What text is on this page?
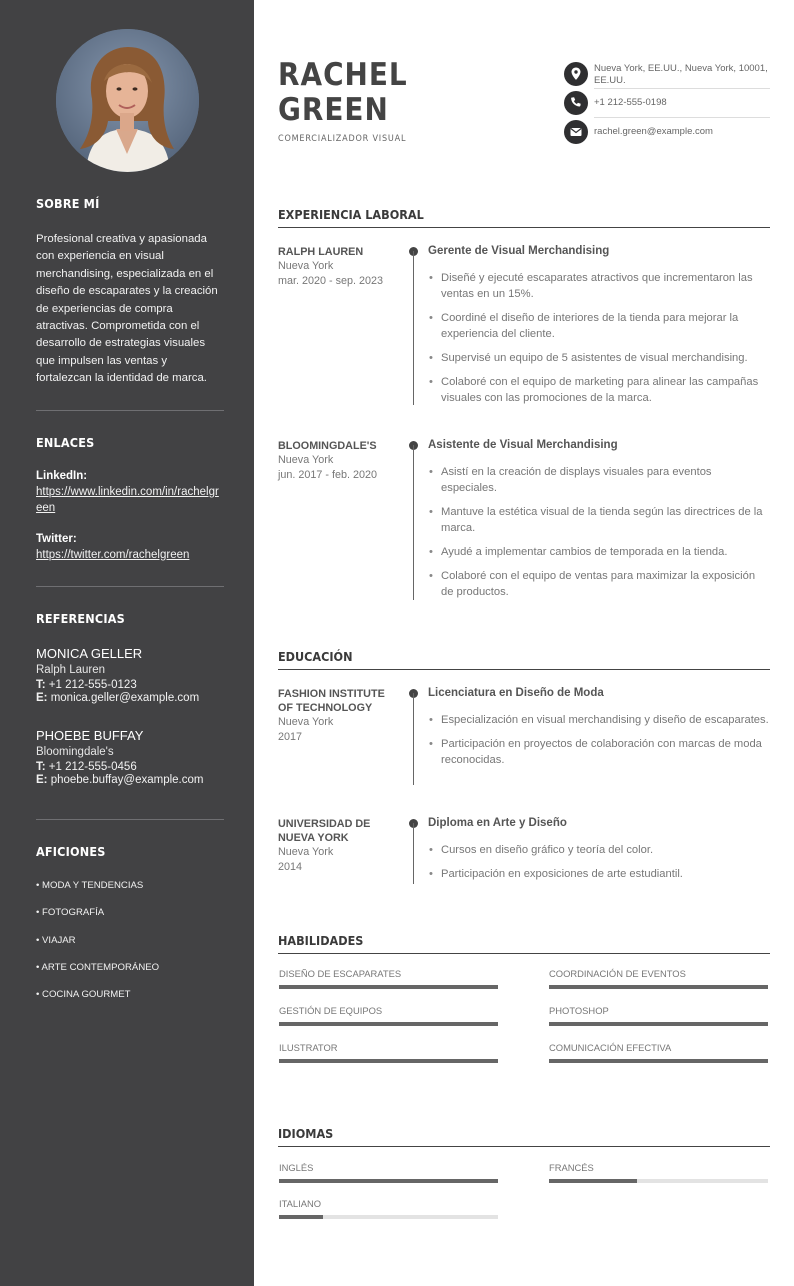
SOBRE MÍ
Profesional creativa y apasionada con experiencia en visual merchandising, especializada en el diseño de escaparates y la creación de experiencias de compra atractivas. Comprometida con el desarrollo de estrategias visuales que impulsen las ventas y fortalezcan la identidad de marca.
ENLACES
LinkedIn:
https://www.linkedin.com/in/rachelgreen
Twitter:
https://twitter.com/rachelgreen
REFERENCIAS
MONICA GELLER
Ralph Lauren
T: +1 212-555-0123
E: monica.geller@example.com
PHOEBE BUFFAY
Bloomingdale's
T: +1 212-555-0456
E: phoebe.buffay@example.com
AFICIONES
• MODA Y TENDENCIAS
• FOTOGRAFÍA
• VIAJAR
• ARTE CONTEMPORÁNEO
• COCINA GOURMET
RACHEL
GREEN
COMERCIALIZADOR VISUAL
Nueva York, EE.UU., Nueva York, 10001, EE.UU.
+1 212-555-0198
rachel.green@example.com
EXPERIENCIA LABORAL
RALPH LAUREN
Nueva York
mar. 2020 - sep. 2023
Gerente de Visual Merchandising
• Diseñé y ejecuté escaparates atractivos que incrementaron las ventas en un 15%.
• Coordiné el diseño de interiores de la tienda para mejorar la experiencia del cliente.
• Supervisé un equipo de 5 asistentes de visual merchandising.
• Colaboré con el equipo de marketing para alinear las campañas visuales con las promociones de la marca.
BLOOMINGDALE'S
Nueva York
jun. 2017 - feb. 2020
Asistente de Visual Merchandising
• Asistí en la creación de displays visuales para eventos especiales.
• Mantuve la estética visual de la tienda según las directrices de la marca.
• Ayudé a implementar cambios de temporada en la tienda.
• Colaboré con el equipo de ventas para maximizar la exposición de productos.
EDUCACIÓN
FASHION INSTITUTE OF TECHNOLOGY
Nueva York
2017
Licenciatura en Diseño de Moda
• Especialización en visual merchandising y diseño de escaparates.
• Participación en proyectos de colaboración con marcas de moda reconocidas.
UNIVERSIDAD DE NUEVA YORK
Nueva York
2014
Diploma en Arte y Diseño
• Cursos en diseño gráfico y teoría del color.
• Participación en exposiciones de arte estudiantil.
HABILIDADES
DISEÑO DE ESCAPARATES	COORDINACIÓN DE EVENTOS
GESTIÓN DE EQUIPOS	PHOTOSHOP
ILUSTRATOR	COMUNICACIÓN EFECTIVA
IDIOMAS
INGLÉS	FRANCÉS
ITALIANO
